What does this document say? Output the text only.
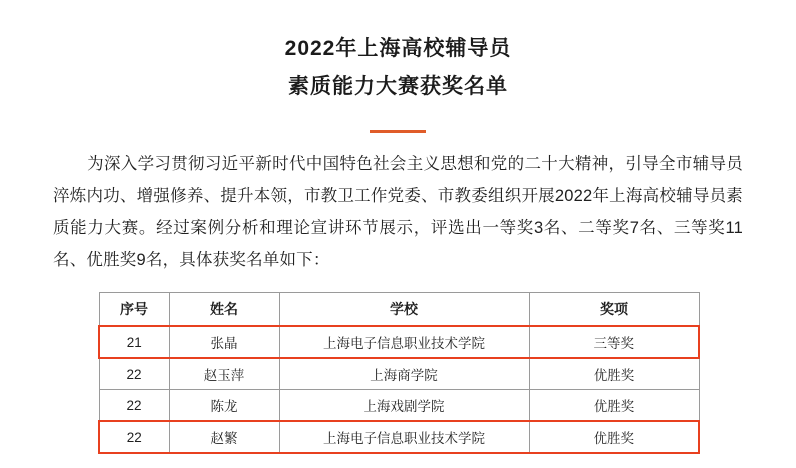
2022年上海高校辅导员
素质能力大赛获奖名单
为深入学习贯彻习近平新时代中国特色社会主义思想和党的二十大精神，引导全市辅导员淬炼内功、增强修养、提升本领，市教卫工作党委、市教委组织开展2022年上海高校辅导员素质能力大赛。经过案例分析和理论宣讲环节展示，评选出一等奖3名、二等奖7名、三等奖11名、优胜奖9名，具体获奖名单如下：
序号	姓名	学校	奖项
21	张晶	上海电子信息职业技术学院	三等奖
22	赵玉萍	上海商学院	优胜奖
22	陈龙	上海戏剧学院	优胜奖
22	赵繁	上海电子信息职业技术学院	优胜奖
